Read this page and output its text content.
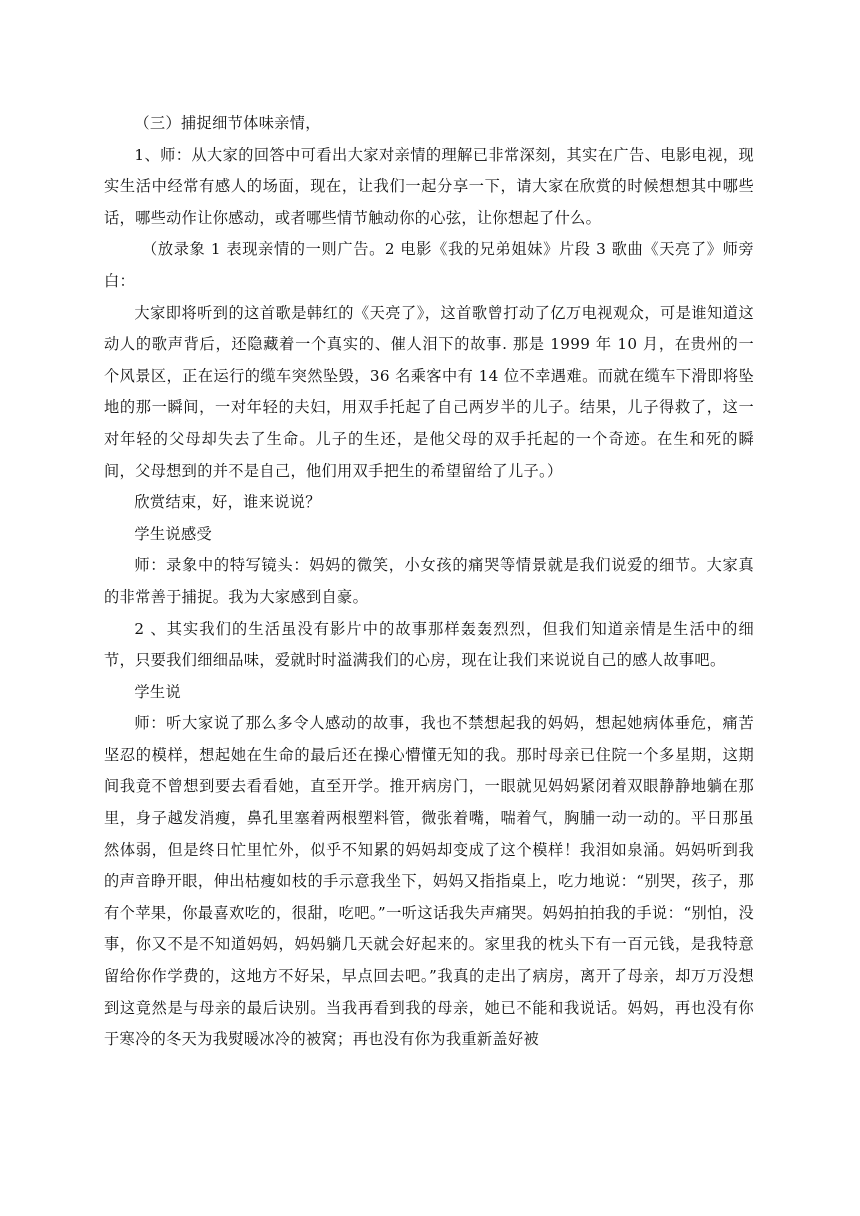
（三）捕捉细节体味亲情，

1、师：从大家的回答中可看出大家对亲情的理解已非常深刻，其实在广告、电影电视，现实生活中经常有感人的场面，现在，让我们一起分享一下，请大家在欣赏的时候想想其中哪些话，哪些动作让你感动，或者哪些情节触动你的心弦，让你想起了什么。

（放录象 1 表现亲情的一则广告。2 电影《我的兄弟姐妹》片段 3 歌曲《天亮了》师旁白：

大家即将听到的这首歌是韩红的《天亮了》，这首歌曾打动了亿万电视观众，可是谁知道这动人的歌声背后，还隐藏着一个真实的、催人泪下的故事. 那是 1999 年 10 月，在贵州的一个风景区，正在运行的缆车突然坠毁，36 名乘客中有 14 位不幸遇难。而就在缆车下滑即将坠地的那一瞬间，一对年轻的夫妇，用双手托起了自己两岁半的儿子。结果，儿子得救了，这一对年轻的父母却失去了生命。儿子的生还，是他父母的双手托起的一个奇迹。在生和死的瞬间，父母想到的并不是自己，他们用双手把生的希望留给了儿子。）

欣赏结束，好，谁来说说？

学生说感受

师：录象中的特写镜头：妈妈的微笑，小女孩的痛哭等情景就是我们说爱的细节。大家真的非常善于捕捉。我为大家感到自豪。

2 、其实我们的生活虽没有影片中的故事那样轰轰烈烈，但我们知道亲情是生活中的细节，只要我们细细品味，爱就时时溢满我们的心房，现在让我们来说说自己的感人故事吧。

学生说

师：听大家说了那么多令人感动的故事，我也不禁想起我的妈妈，想起她病体垂危，痛苦坚忍的模样，想起她在生命的最后还在操心懵懂无知的我。那时母亲已住院一个多星期，这期间我竟不曾想到要去看看她，直至开学。推开病房门，一眼就见妈妈紧闭着双眼静静地躺在那里，身子越发消瘦，鼻孔里塞着两根塑料管，微张着嘴，喘着气，胸脯一动一动的。平日那虽然体弱，但是终日忙里忙外，似乎不知累的妈妈却变成了这个模样！我泪如泉涌。妈妈听到我的声音睁开眼，伸出枯瘦如枝的手示意我坐下，妈妈又指指桌上，吃力地说：“别哭，孩子，那有个苹果，你最喜欢吃的，很甜，吃吧。”一听这话我失声痛哭。妈妈拍拍我的手说：“别怕，没事，你又不是不知道妈妈，妈妈躺几天就会好起来的。家里我的枕头下有一百元钱，是我特意留给你作学费的，这地方不好呆，早点回去吧。”我真的走出了病房，离开了母亲，却万万没想到这竟然是与母亲的最后诀别。当我再看到我的母亲，她已不能和我说话。妈妈，再也没有你于寒冷的冬天为我熨暖冰冷的被窝；再也没有你为我重新盖好被
